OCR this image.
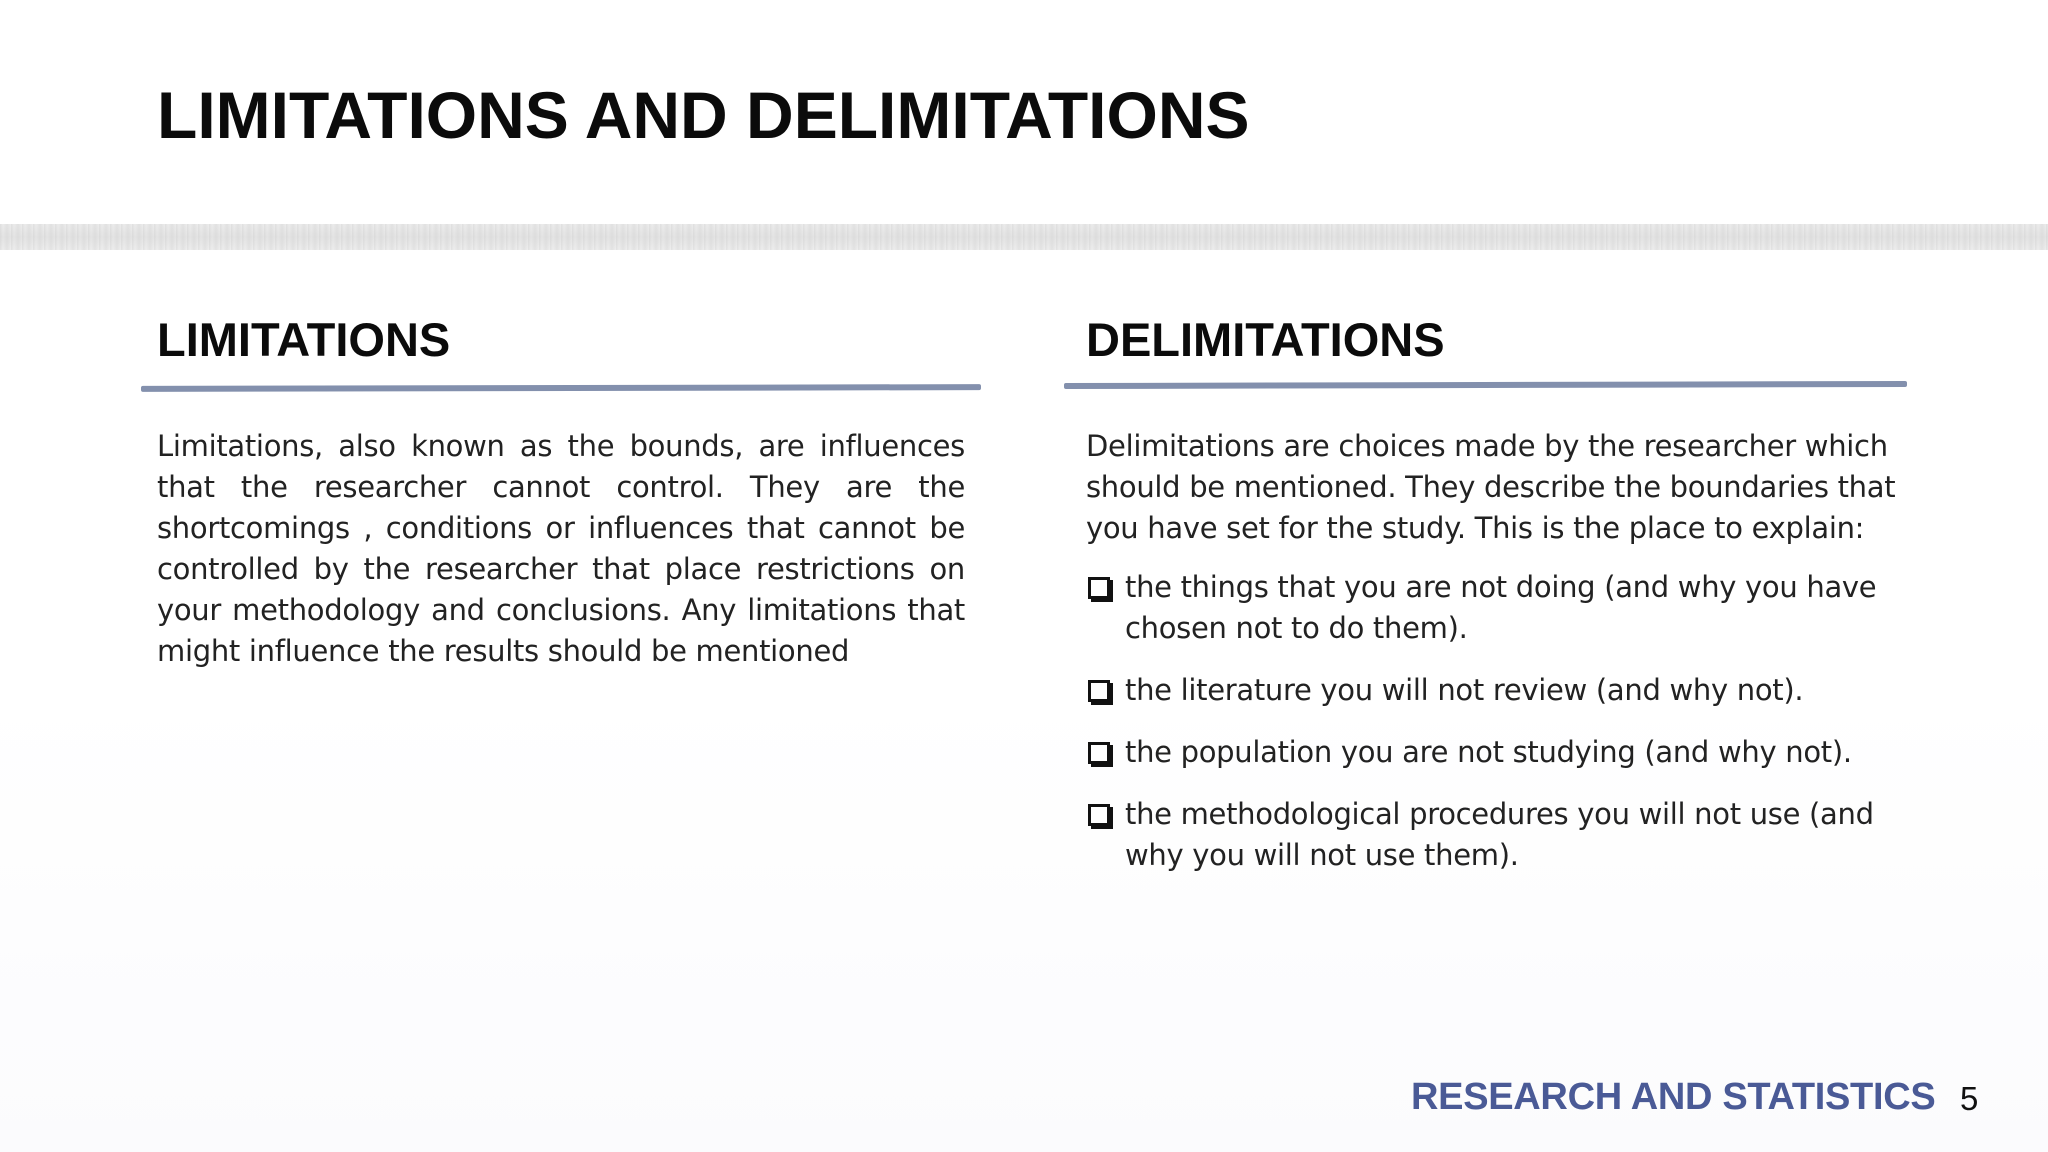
LIMITATIONS AND DELIMITATIONS
LIMITATIONS

Limitations, also known as the bounds, are influences that the researcher cannot control. They are the shortcomings , conditions or influences that cannot be controlled by the researcher that place restrictions on your methodology and conclusions. Any limitations that might influence the results should be mentioned

DELIMITATIONS

Delimitations are choices made by the researcher which should be mentioned. They describe the boundaries that you have set for the study. This is the place to explain:

the things that you are not doing (and why you have chosen not to do them).
the literature you will not review (and why not).
the population you are not studying (and why not).
the methodological procedures you will not use (and why you will not use them).
RESEARCH AND STATISTICS 5
